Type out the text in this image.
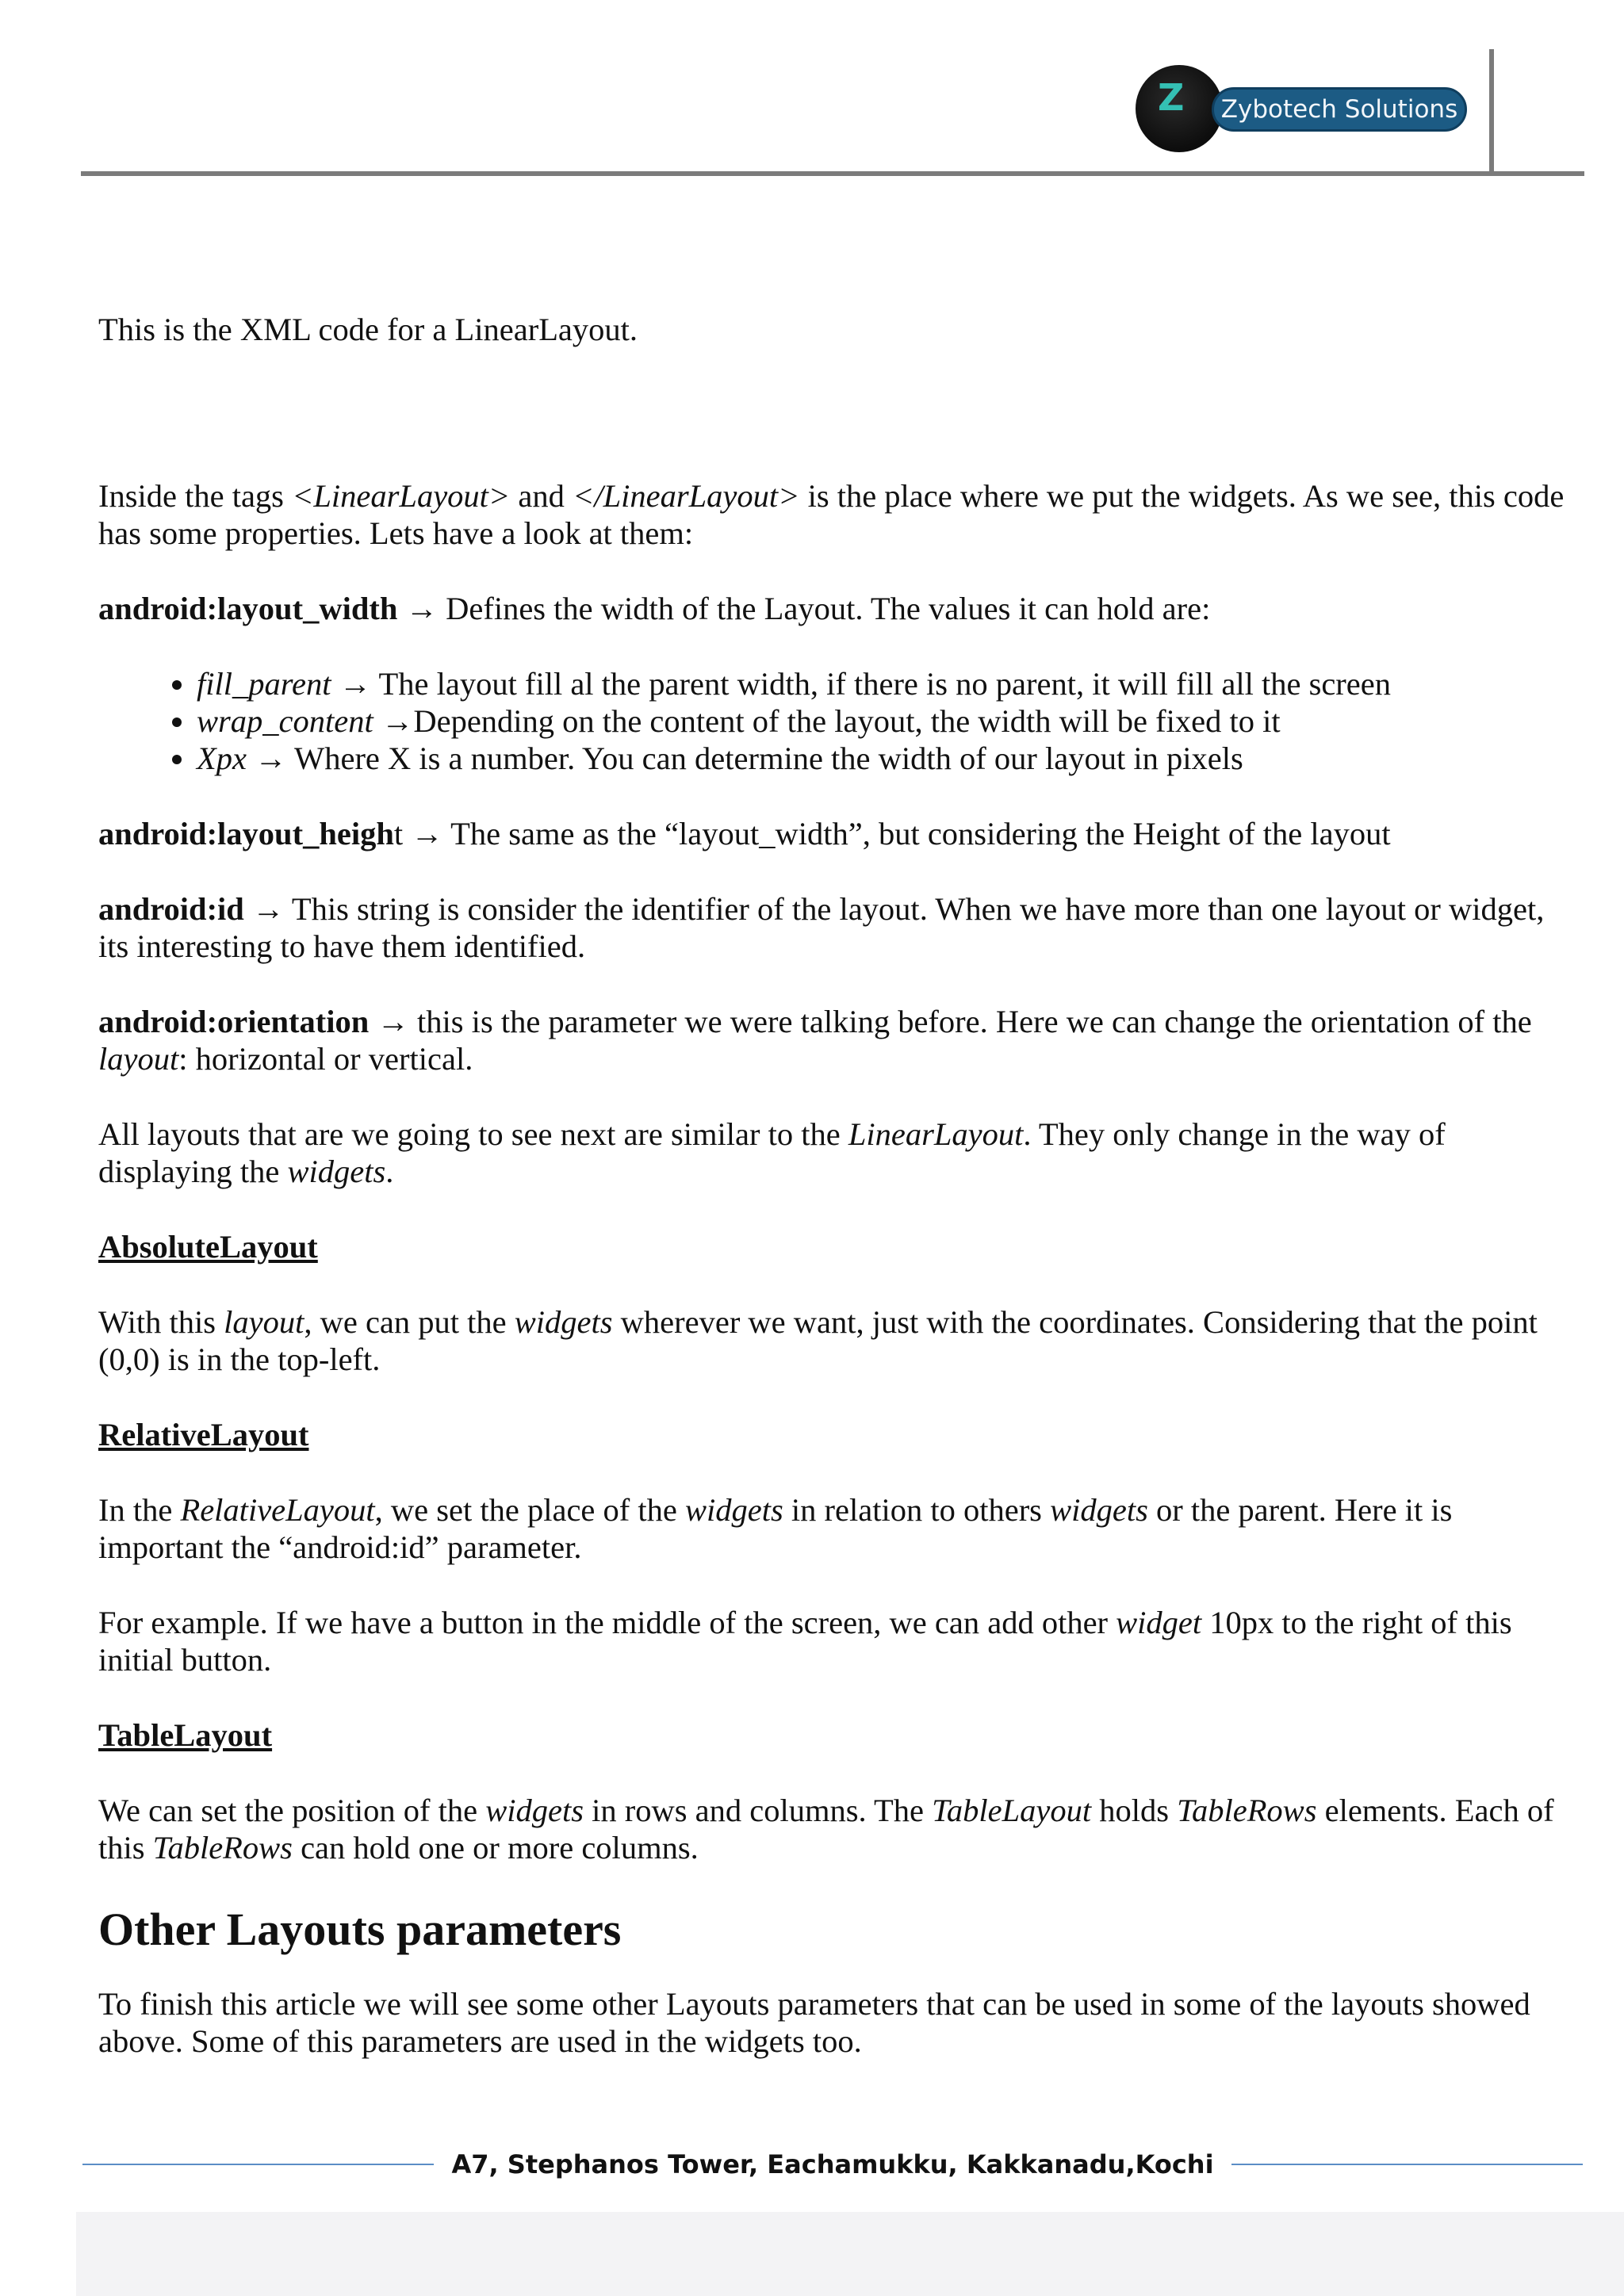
Z Zybotech Solutions

This is the XML code for a LinearLayout.

Inside the tags <LinearLayout> and </LinearLayout> is the place where we put the widgets. As we see, this code has some properties. Lets have a look at them:

android:layout_width → Defines the width of the Layout. The values it can hold are:

• fill_parent → The layout fill al the parent width, if there is no parent, it will fill all the screen
• wrap_content →Depending on the content of the layout, the width will be fixed to it
• Xpx → Where X is a number. You can determine the width of our layout in pixels

android:layout_height → The same as the “layout_width”, but considering the Height of the layout

android:id → This string is consider the identifier of the layout. When we have more than one layout or widget, its interesting to have them identified.

android:orientation → this is the parameter we were talking before. Here we can change the orientation of the layout: horizontal or vertical.

All layouts that are we going to see next are similar to the LinearLayout. They only change in the way of displaying the widgets.

AbsoluteLayout

With this layout, we can put the widgets wherever we want, just with the coordinates. Considering that the point (0,0) is in the top-left.

RelativeLayout

In the RelativeLayout, we set the place of the widgets in relation to others widgets or the parent. Here it is important the “android:id” parameter.

For example. If we have a button in the middle of the screen, we can add other widget 10px to the right of this initial button.

TableLayout

We can set the position of the widgets in rows and columns. The TableLayout holds TableRows elements. Each of this TableRows can hold one or more columns.

Other Layouts parameters

To finish this article we will see some other Layouts parameters that can be used in some of the layouts showed above. Some of this parameters are used in the widgets too.

A7, Stephanos Tower, Eachamukku, Kakkanadu,Kochi
